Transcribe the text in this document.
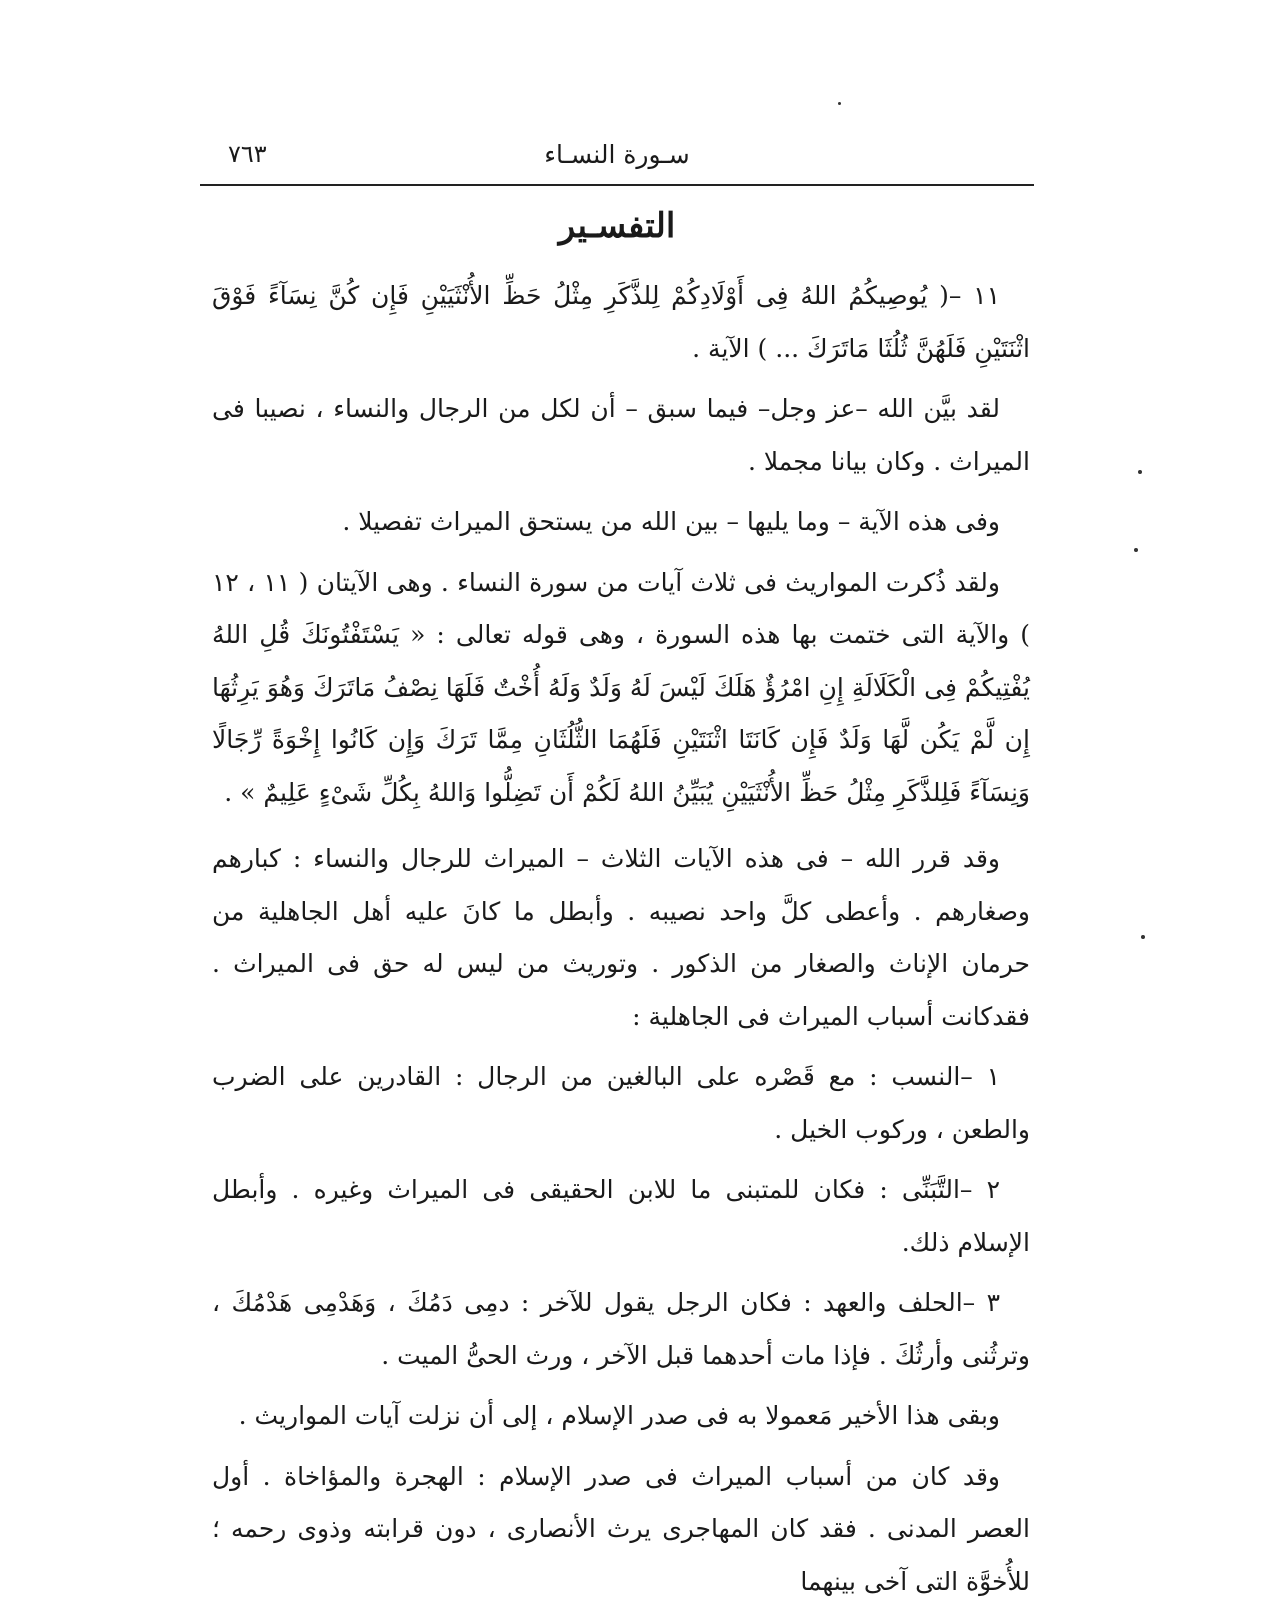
٧٦٣	سـورة النسـاء
التفسـير

١١ –( يُوصِيكُمُ اللهُ فِى أَوْلَادِكُمْ لِلذَّكَرِ مِثْلُ حَظِّ الأُنْثَيَيْنِ فَإِن كُنَّ نِسَآءً فَوْقَ اثْنَتَيْنِ فَلَهُنَّ ثُلُثَا مَاتَرَكَ ... ) الآية .

لقد بيَّن الله –عز وجل– فيما سبق – أن لكل من الرجال والنساء ، نصيبا فى الميراث . وكان بيانا مجملا .

وفى هذه الآية – وما يليها – بين الله من يستحق الميراث تفصيلا .

ولقد ذُكرت المواريث فى ثلاث آيات من سورة النساء . وهى الآيتان ( ١١ ، ١٢ ) والآية التى ختمت بها هذه السورة ، وهى قوله تعالى : « يَسْتَفْتُونَكَ قُلِ اللهُ يُفْتِيكُمْ فِى الْكَلَالَةِ إِنِ امْرُؤٌ هَلَكَ لَيْسَ لَهُ وَلَدٌ وَلَهُ أُخْتٌ فَلَهَا نِصْفُ مَاتَرَكَ وَهُوَ يَرِثُهَا إِن لَّمْ يَكُن لَّهَا وَلَدٌ فَإِن كَانَتَا اثْنَتَيْنِ فَلَهُمَا الثُّلُثَانِ مِمَّا تَرَكَ وَإِن كَانُوا إِخْوَةً رِّجَالًا وَنِسَآءً فَلِلذَّكَرِ مِثْلُ حَظِّ الأُنْثَيَيْنِ يُبَيِّنُ اللهُ لَكُمْ أَن تَضِلُّوا وَاللهُ بِكُلِّ شَىْءٍ عَلِيمٌ » .

وقد قرر الله – فى هذه الآيات الثلاث – الميراث للرجال والنساء : كبارهم وصغارهم . وأعطى كلَّ واحد نصيبه . وأبطل ما كانَ عليه أهل الجاهلية من حرمان الإناث والصغار من الذكور . وتوريث من ليس له حق فى الميراث . فقدكانت أسباب الميراث فى الجاهلية :

١ –النسب : مع قَصْره على البالغين من الرجال : القادرين على الضرب والطعن ، وركوب الخيل .

٢ –التَّبَنِّى : فكان للمتبنى ما للابن الحقيقى فى الميراث وغيره . وأبطل الإسلام ذلك.

٣ –الحلف والعهد : فكان الرجل يقول للآخر : دمِى دَمُكَ ، وَهَدْمِى هَدْمُكَ ، وترثُنى وأرثُكَ . فإذا مات أحدهما قبل الآخر ، ورث الحىُّ الميت .

وبقى هذا الأخير مَعمولا به فى صدر الإسلام ، إلى أن نزلت آيات المواريث .

وقد كان من أسباب الميراث فى صدر الإسلام : الهجرة والمؤاخاة . أول العصر المدنى . فقد كان المهاجرى يرث الأنصارى ، دون قرابته وذوى رحمه ؛ للأُخوَّة التى آخى بينهما
